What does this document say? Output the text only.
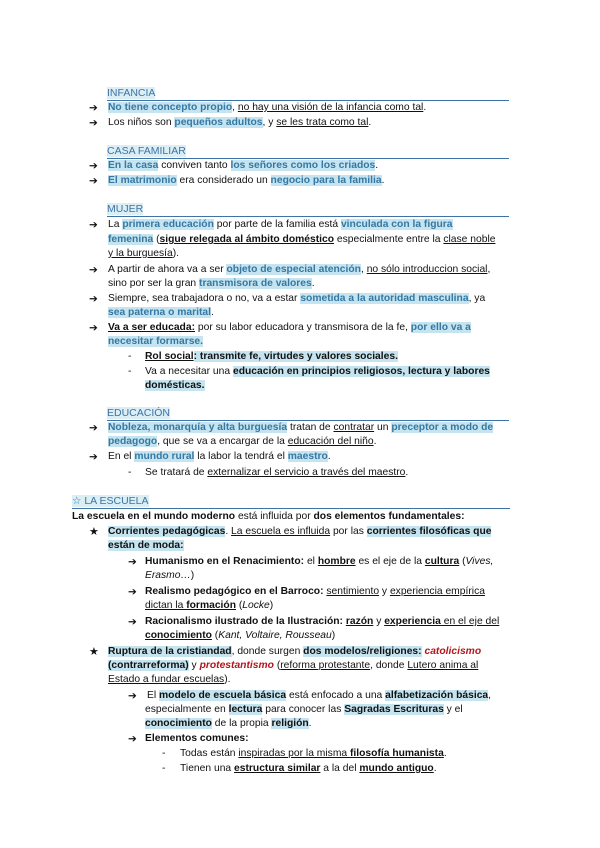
INFANCIA
➔ No tiene concepto propio, no hay una visión de la infancia como tal.
➔ Los niños son pequeños adultos, y se les trata como tal.
CASA FAMILIAR
➔ En la casa conviven tanto los señores como los criados.
➔ El matrimonio era considerado un negocio para la familia.
MUJER
➔ La primera educación por parte de la familia está vinculada con la figura
femenina (sigue relegada al ámbito doméstico especialmente entre la clase noble
y la burguesía).
➔ A partir de ahora va a ser objeto de especial atención, no sólo introduccion social,
sino por ser la gran transmisora de valores.
➔ Siempre, sea trabajadora o no, va a estar sometida a la autoridad masculina, ya
sea paterna o marital.
➔ Va a ser educada: por su labor educadora y transmisora de la fe, por ello va a
necesitar formarse.
- Rol social: transmite fe, virtudes y valores sociales.
- Va a necesitar una educación en principios religiosos, lectura y labores
domésticas.
EDUCACIÓN
➔ Nobleza, monarquía y alta burguesía tratan de contratar un preceptor a modo de
pedagogo, que se va a encargar de la educación del niño.
➔ En el mundo rural la labor la tendrá el maestro.
- Se tratará de externalizar el servicio a través del maestro.
☆ LA ESCUELA
La escuela en el mundo moderno está influida por dos elementos fundamentales:
★ Corrientes pedagógicas. La escuela es influida por las corrientes filosóficas que
están de moda:
➔ Humanismo en el Renacimiento: el hombre es el eje de la cultura (Vives,
Erasmo…)
➔ Realismo pedagógico en el Barroco: sentimiento y experiencia empírica
dictan la formación (Locke)
➔ Racionalismo ilustrado de la Ilustración: razón y experiencia en el eje del
conocimiento (Kant, Voltaire, Rousseau)
★ Ruptura de la cristiandad, donde surgen dos modelos/religiones: catolicismo
(contrarreforma) y protestantismo (reforma protestante, donde Lutero anima al
Estado a fundar escuelas).
➔ El modelo de escuela básica está enfocado a una alfabetización básica,
especialmente en lectura para conocer las Sagradas Escrituras y el
conocimiento de la propia religión.
➔ Elementos comunes:
- Todas están inspiradas por la misma filosofía humanista.
- Tienen una estructura similar a la del mundo antiguo.
